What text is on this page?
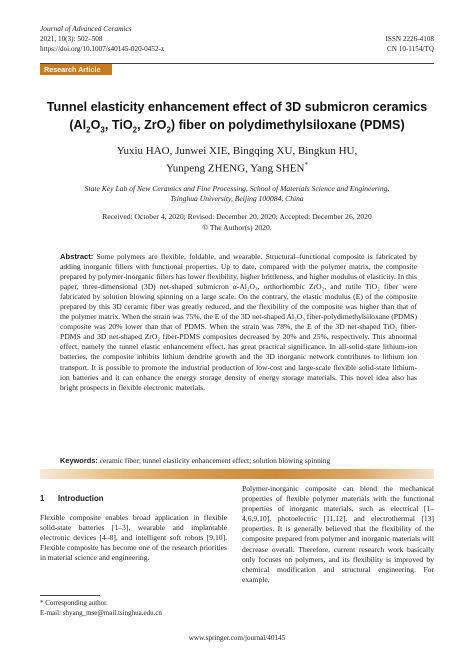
Journal of Advanced Ceramics
2021, 10(3): 502–508
https://doi.org/10.1007/s40145-020-0452-z
ISSN 2226-4108
CN 10-1154/TQ
Research Article
Tunnel elasticity enhancement effect of 3D submicron ceramics
($Al_2O_3$, TiO$_2$, ZrO$_2$) fiber on polydimethylsiloxane (PDMS)
Yuxiu HAO, Junwei XIE, Bingqing XU, Bingkun HU,
Yunpeng ZHENG, Yang SHEN*
State Key Lab of New Ceramics and Fine Processing, School of Materials Science and Engineering,
Tsinghua University, Beijing 100084, China
Received: October 4, 2020; Revised: December 20, 2020; Accepted: December 26, 2020
© The Author(s) 2020.
Abstract: Some polymers are flexible, foldable, and wearable. Structural–functional composite is fabricated by adding inorganic fillers with functional properties. Up to date, compared with the polymer matrix, the composite prepared by polymer-inorganic fillers has lower flexibility, higher brittleness, and higher modulus of elasticity. In this paper, three-dimensional (3D) net-shaped submicron α-Al₂O₃, orthorhombic ZrO₂, and rutile TiO₂ fiber were fabricated by solution blowing spinning on a large scale. On the contrary, the elastic modulus (E) of the composite prepared by this 3D ceramic fiber was greatly reduced, and the flexibility of the composite was higher than that of the polymer matrix. When the strain was 75%, the E of the 3D net-shaped Al₂O₃ fiber-polydimethylsiloxane (PDMS) composite was 20% lower than that of PDMS. When the strain was 78%, the E of the 3D net-shaped TiO₂ fiber-PDMS and 3D net-shaped ZrO₂ fiber-PDMS composites decreased by 20% and 25%, respectively. This abnormal effect, namely the tunnel elastic enhancement effect, has great practical significance. In all-solid-state lithium-ion batteries, the composite inhibits lithium dendrite growth and the 3D inorganic network contributes to lithium ion transport. It is possible to promote the industrial production of low-cost and large-scale flexible solid-state lithium-ion batteries and it can enhance the energy storage density of energy storage materials. This novel idea also has bright prospects in flexible electronic materials.
Keywords: ceramic fiber; tunnel elasticity enhancement effect; solution blowing spinning
1 Introduction
Flexible composite enables broad application in flexible solid-state batteries [1–3], wearable and implantable electronic devices [4–8], and intelligent soft robots [9,10]. Flexible composite has become one of the research priorities in material science and engineering.
Polymer-inorganic composite can blend the mechanical properties of flexible polymer materials with the functional properties of inorganic materials, such as electrical [1–4,6,9,10], photoelectric [11,12], and electrothermal [13] properties. It is generally believed that the flexibility of the composite prepared from polymer and inorganic materials will decrease overall. Therefore, current research work basically only focuses on polymers, and its flexibility is improved by chemical modification and structural engineering. For example,
* Corresponding author.
E-mail: shyang_mse@mail.tsinghua.edu.cn
www.springer.com/journal/40145
